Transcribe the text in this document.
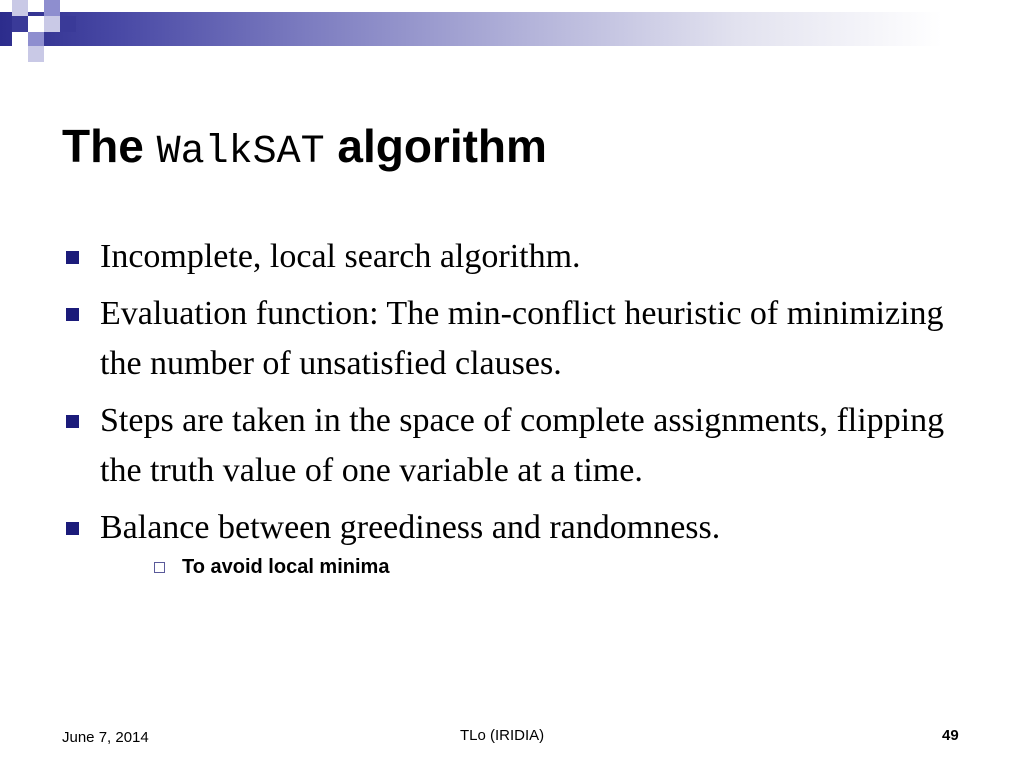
The WalkSAT algorithm
Incomplete, local search algorithm.
Evaluation function: The min-conflict heuristic of minimizing the number of unsatisfied clauses.
Steps are taken in the space of complete assignments, flipping the truth value of one variable at a time.
Balance between greediness and randomness.
To avoid local minima
June 7, 2014	TLo (IRIDIA)	49
